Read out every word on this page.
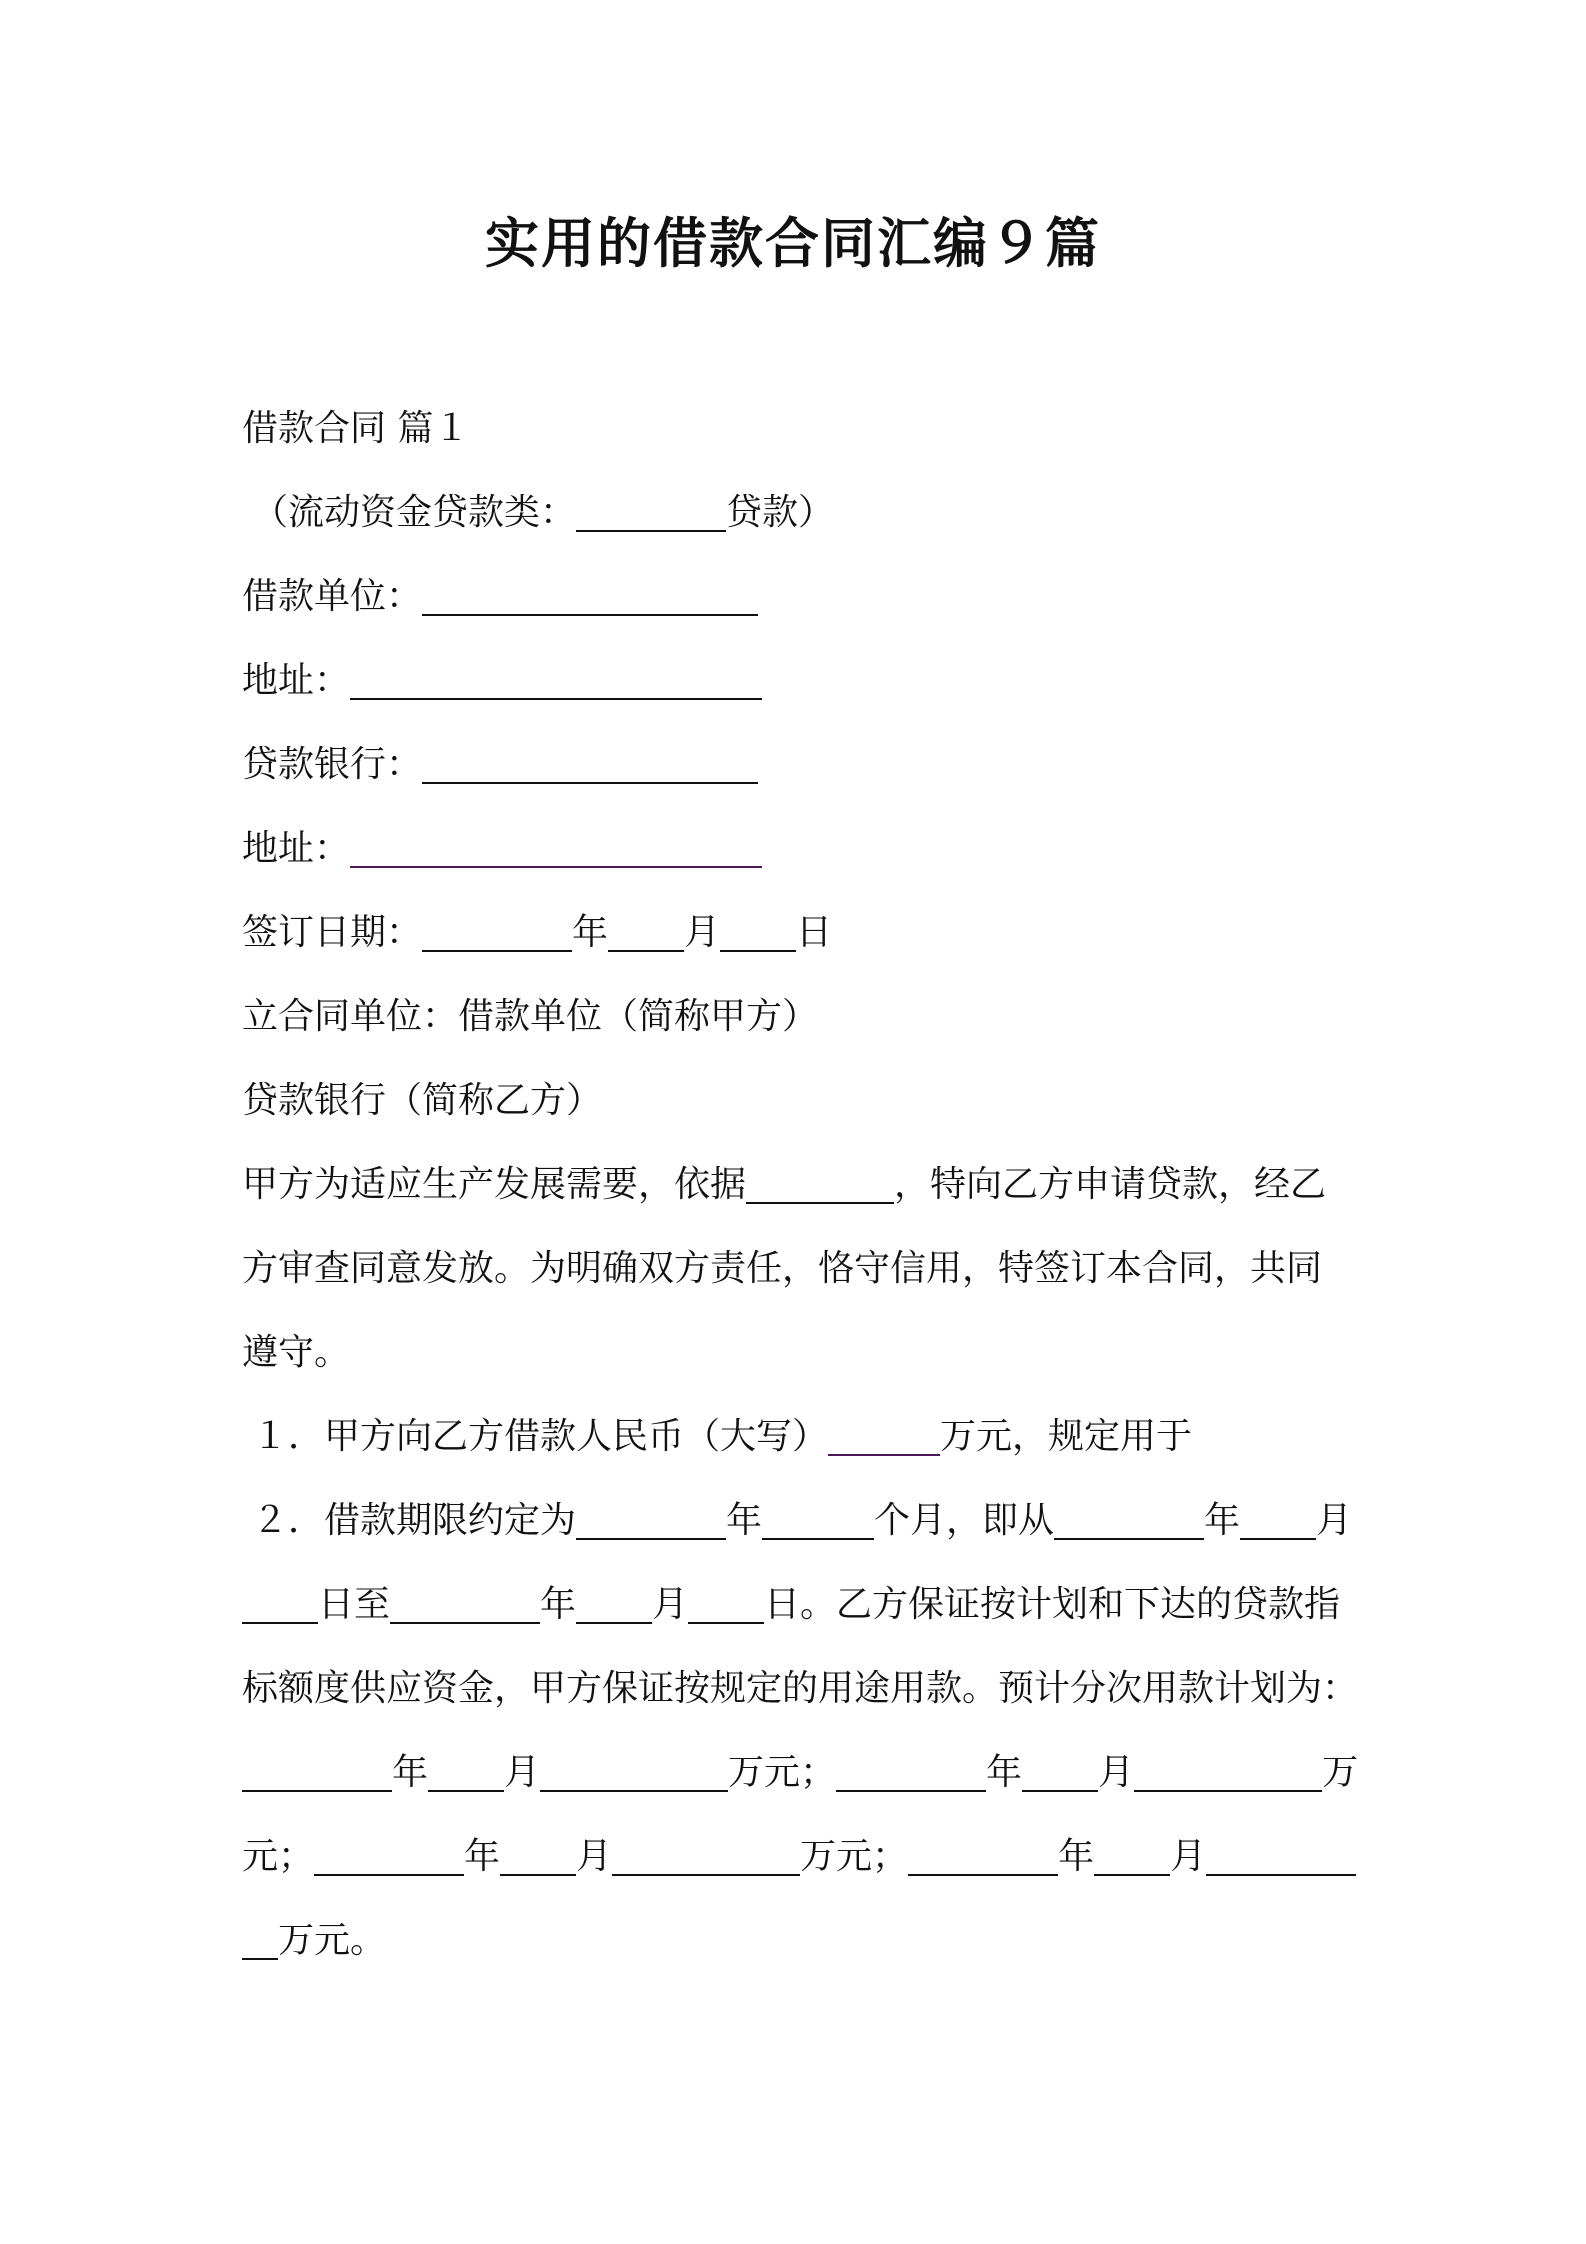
实用的借款合同汇编９篇
借款合同 篇１
（流动资金贷款类：	贷款）
借款单位：
地址：
贷款银行：
地址：
签订日期：	年 月 日
立合同单位：借款单位（简称甲方）
贷款银行（简称乙方）
甲方为适应生产发展需要，依据	，特向乙方申请贷款，经乙
方审查同意发放。为明确双方责任，恪守信用，特签订本合同，共同
遵守。
１．甲方向乙方借款人民币（大写）	万元，规定用于
２．借款期限约定为	年	个月，即从	年 月
日至	年 月 日。乙方保证按计划和下达的贷款指
标额度供应资金，甲方保证按规定的用途用款。预计分次用款计划为：
年 月	万元；	年 月	万
元；	年 月	万元；	年 月
万元。
